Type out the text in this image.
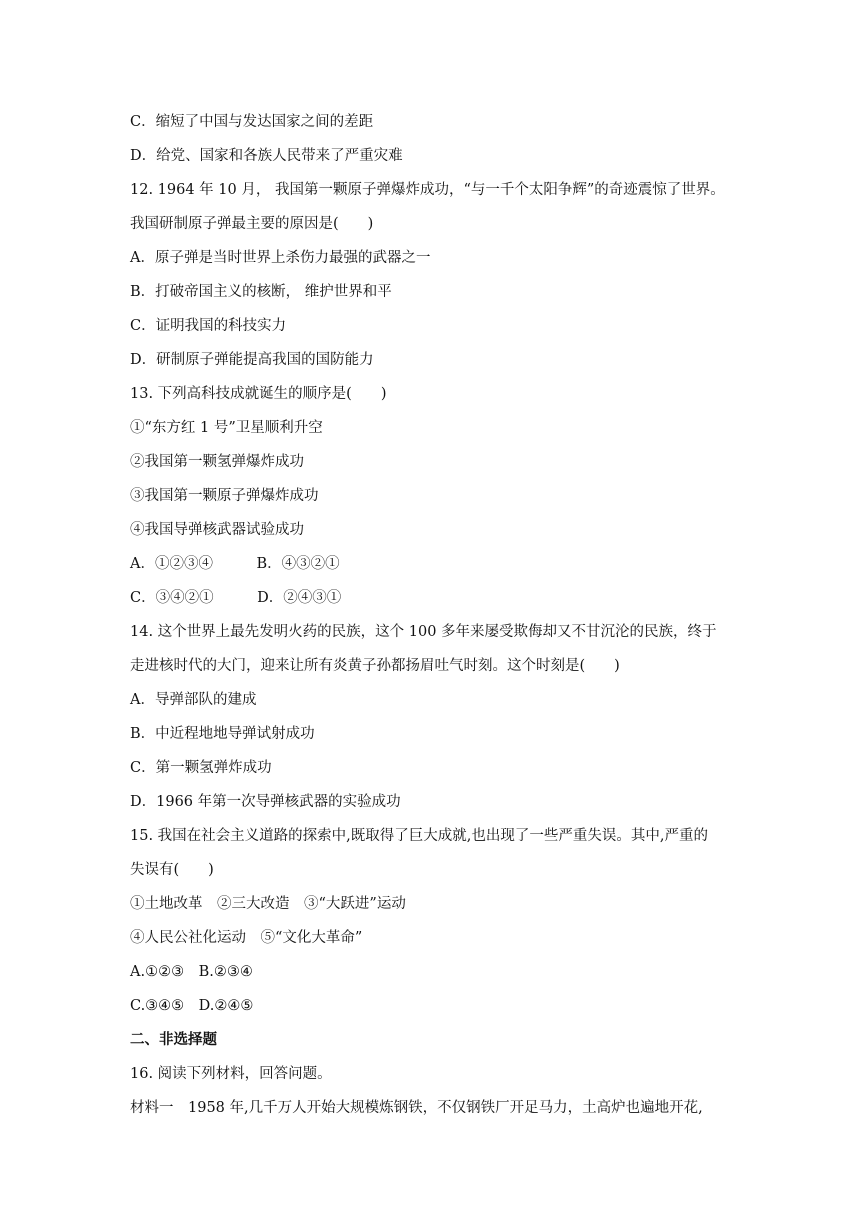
C．缩短了中国与发达国家之间的差距

D．给党、国家和各族人民带来了严重灾难

12. 1964 年 10 月， 我国第一颗原子弹爆炸成功，“与一千个太阳争辉”的奇迹震惊了世界。

我国研制原子弹最主要的原因是(　　)

A．原子弹是当时世界上杀伤力最强的武器之一

B．打破帝国主义的核断， 维护世界和平

C．证明我国的科技实力

D．研制原子弹能提高我国的国防能力

13. 下列高科技成就诞生的顺序是(　　)

①“东方红 1 号”卫星顺利升空

②我国第一颗氢弹爆炸成功

③我国第一颗原子弹爆炸成功

④我国导弹核武器试验成功

A．①②③④　　　B．④③②①

C．③④②①　　　D．②④③①

14. 这个世界上最先发明火药的民族，这个 100 多年来屡受欺侮却又不甘沉沦的民族，终于

走进核时代的大门，迎来让所有炎黄子孙都扬眉吐气时刻。这个时刻是(　　)

A．导弹部队的建成

B．中近程地地导弹试射成功

C．第一颗氢弹炸成功

D．1966 年第一次导弹核武器的实验成功

15. 我国在社会主义道路的探索中,既取得了巨大成就,也出现了一些严重失误。其中,严重的

失误有(　　)

①土地改革　②三大改造　③“大跃进”运动

④人民公社化运动　⑤“文化大革命”

A.①②③　B.②③④

C.③④⑤　D.②④⑤

二、非选择题

16. 阅读下列材料，回答问题。

材料一　1958 年,几千万人开始大规模炼钢铁，不仅钢铁厂开足马力，土高炉也遍地开花,
